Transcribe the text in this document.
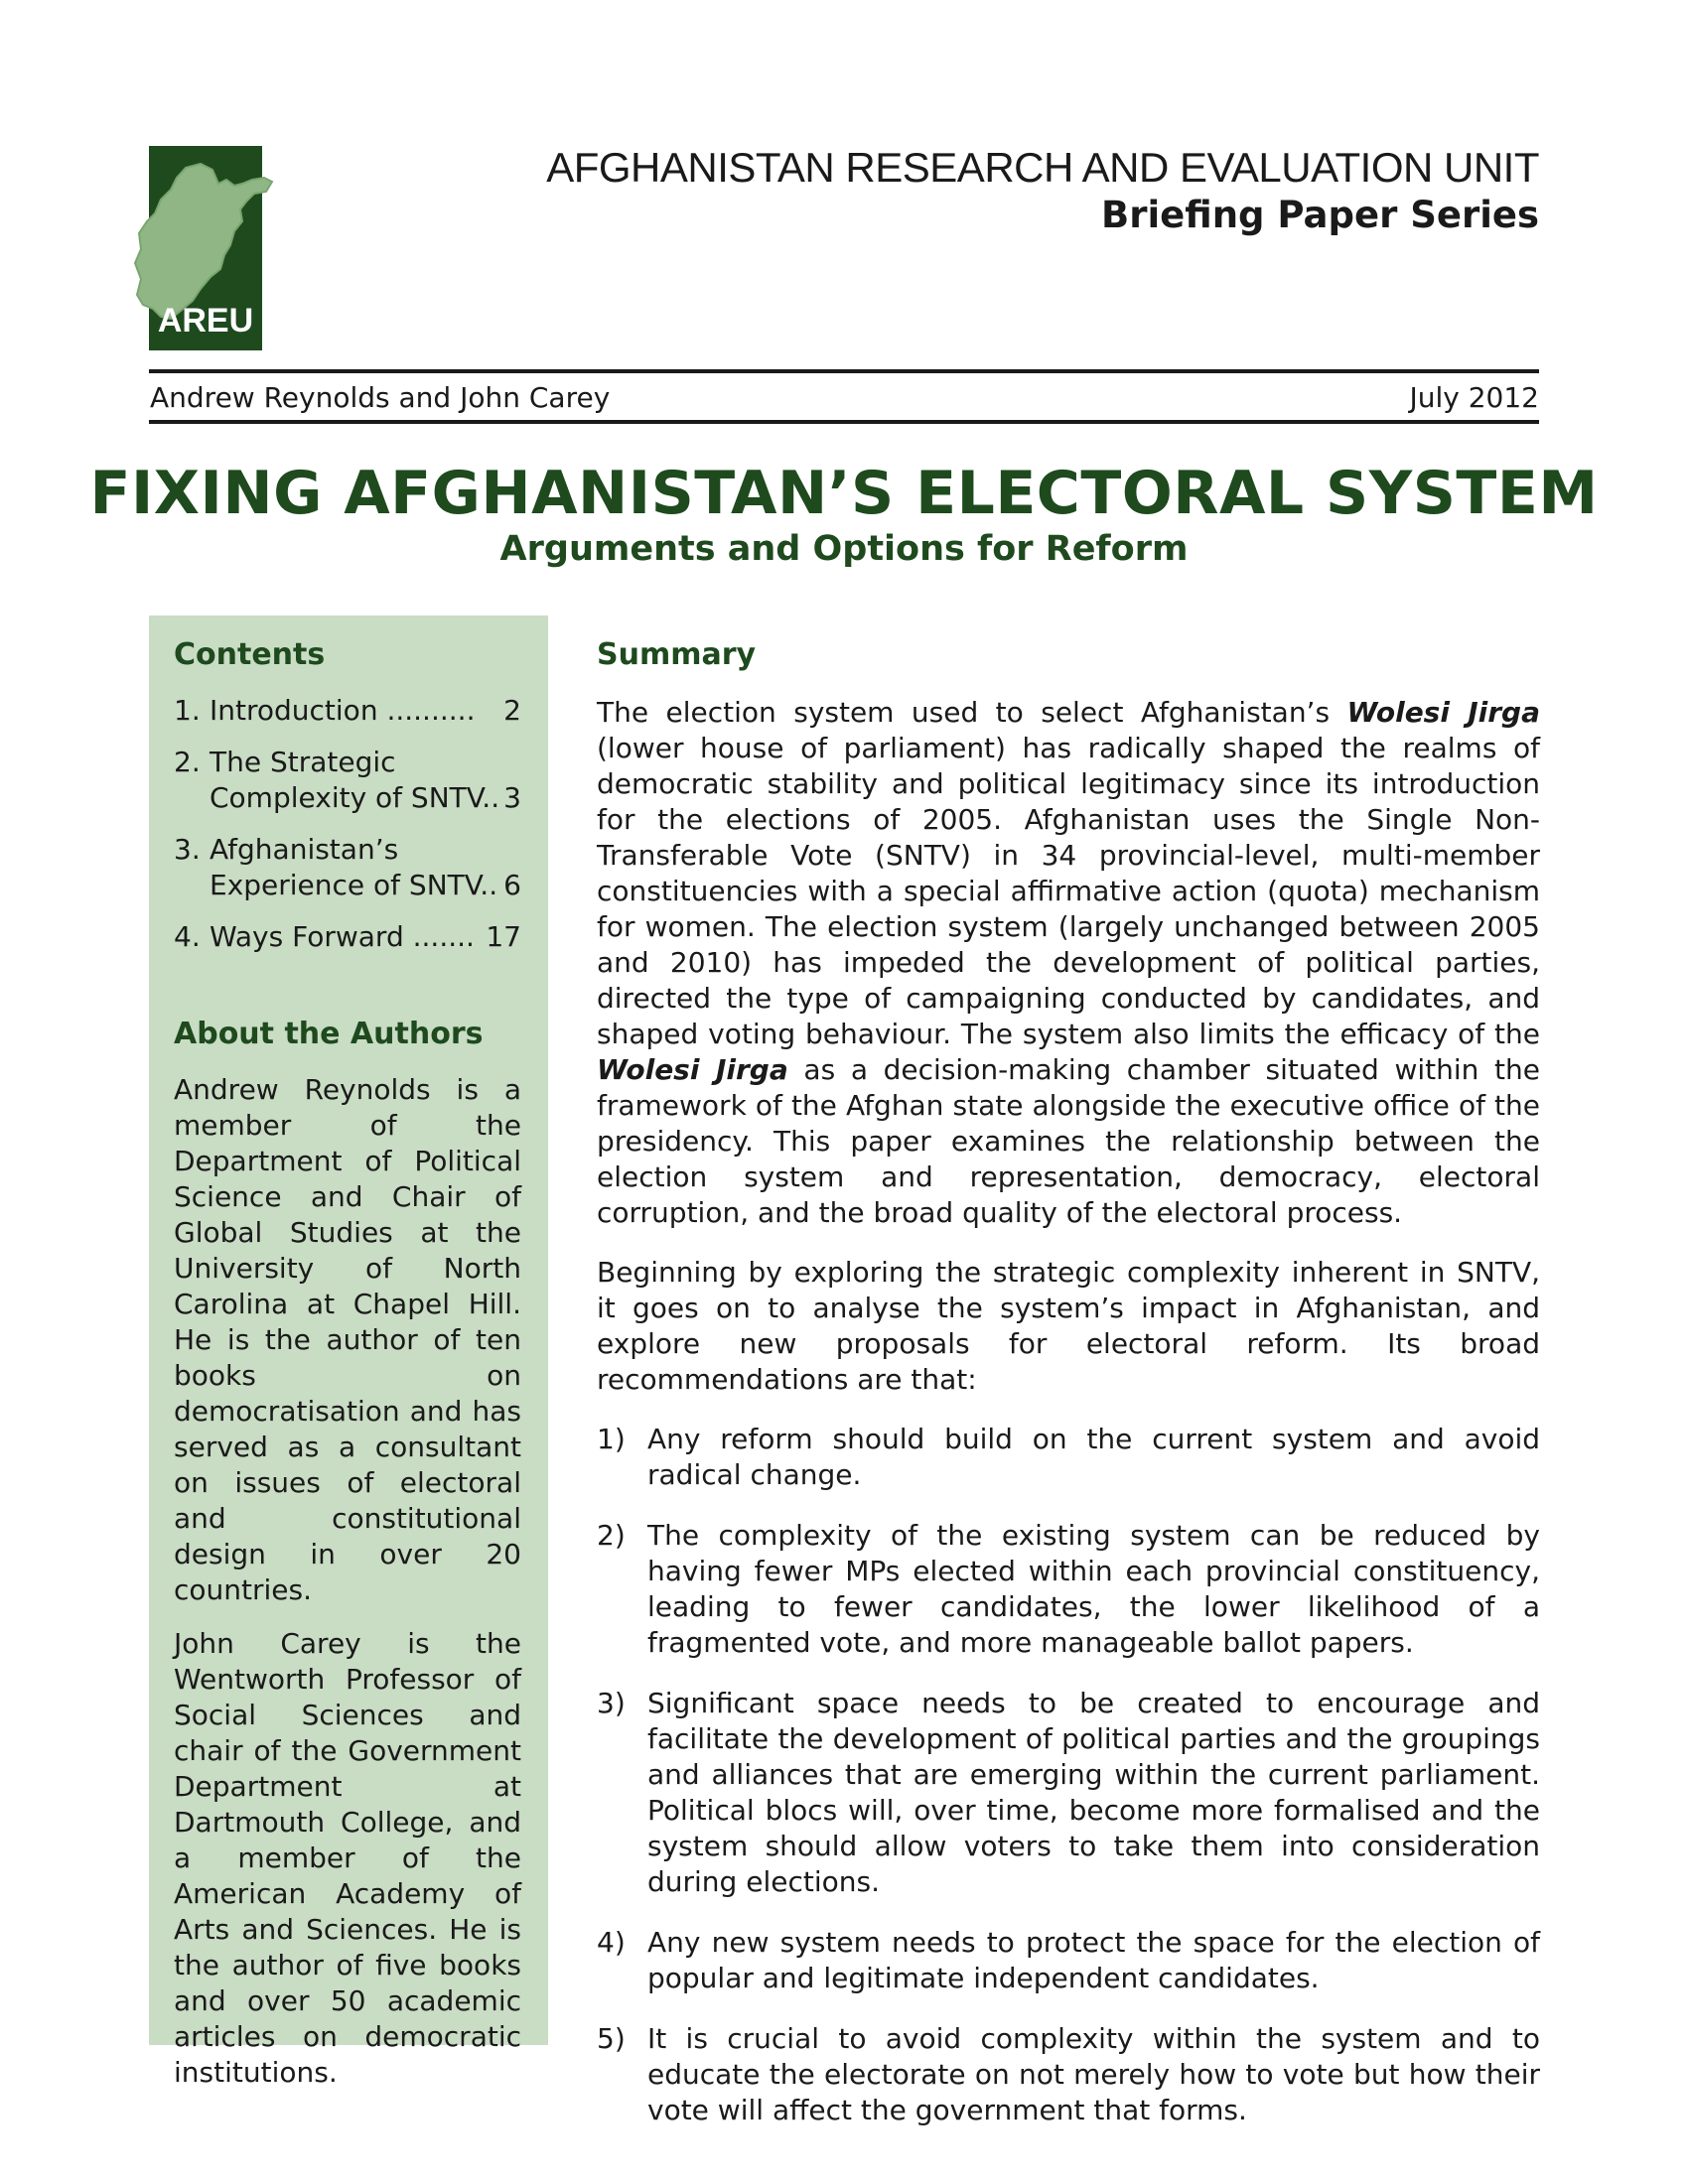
AREU
AFGHANISTAN RESEARCH AND EVALUATION UNIT
Briefing Paper Series
Andrew Reynolds and John Carey	July 2012
FIXING AFGHANISTAN’S ELECTORAL SYSTEM
Arguments and Options for Reform
Contents
1. Introduction .......... 2
2. The Strategic
Complexity of SNTV.. 3
3. Afghanistan’s
Experience of SNTV.. 6
4. Ways Forward ....... 17
About the Authors

Andrew Reynolds is a member of the Department of Political Science and Chair of Global Studies at the University of North Carolina at Chapel Hill. He is the author of ten books on democratisation and has served as a consultant on issues of electoral and constitutional design in over 20 countries.

John Carey is the Wentworth Professor of Social Sciences and chair of the Government Department at Dartmouth College, and a member of the American Academy of Arts and Sciences. He is the author of five books and over 50 academic articles on democratic institutions.

Summary

The election system used to select Afghanistan’s Wolesi Jirga (lower house of parliament) has radically shaped the realms of democratic stability and political legitimacy since its introduction for the elections of 2005. Afghanistan uses the Single Non-Transferable Vote (SNTV) in 34 provincial-level, multi-member constituencies with a special affirmative action (quota) mechanism for women. The election system (largely unchanged between 2005 and 2010) has impeded the development of political parties, directed the type of campaigning conducted by candidates, and shaped voting behaviour. The system also limits the efficacy of the Wolesi Jirga as a decision-making chamber situated within the framework of the Afghan state alongside the executive office of the presidency. This paper examines the relationship between the election system and representation, democracy, electoral corruption, and the broad quality of the electoral process.

Beginning by exploring the strategic complexity inherent in SNTV, it goes on to analyse the system’s impact in Afghanistan, and explore new proposals for electoral reform. Its broad recommendations are that:

1) Any reform should build on the current system and avoid radical change.
2) The complexity of the existing system can be reduced by having fewer MPs elected within each provincial constituency, leading to fewer candidates, the lower likelihood of a fragmented vote, and more manageable ballot papers.
3) Significant space needs to be created to encourage and facilitate the development of political parties and the groupings and alliances that are emerging within the current parliament. Political blocs will, over time, become more formalised and the system should allow voters to take them into consideration during elections.
4) Any new system needs to protect the space for the election of popular and legitimate independent candidates.
5) It is crucial to avoid complexity within the system and to educate the electorate on not merely how to vote but how their vote will affect the government that forms.
